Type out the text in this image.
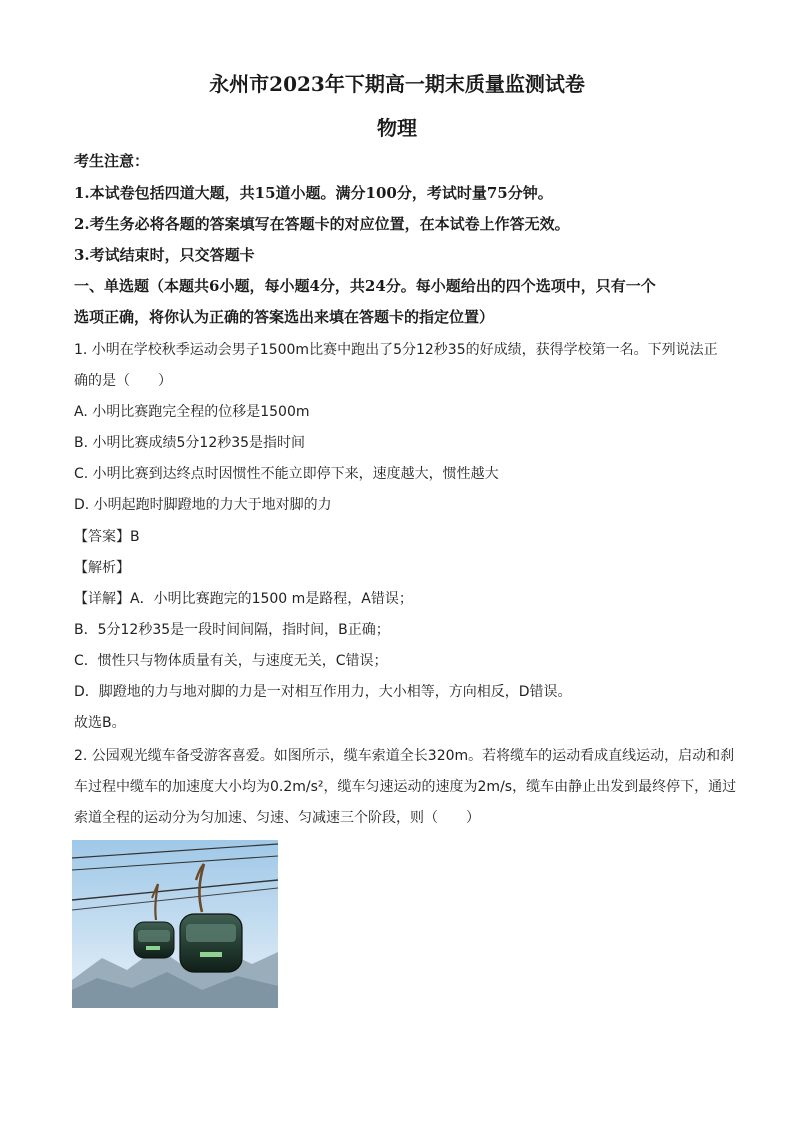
永州市2023年下期高一期末质量监测试卷
物理
考生注意：
1.本试卷包括四道大题，共15道小题。满分100分，考试时量75分钟。
2.考生务必将各题的答案填写在答题卡的对应位置，在本试卷上作答无效。
3.考试结束时，只交答题卡
一、单选题（本题共6小题，每小题4分，共24分。每小题给出的四个选项中，只有一个
选项正确，将你认为正确的答案选出来填在答题卡的指定位置）
1. 小明在学校秋季运动会男子1500m比赛中跑出了5分12秒35的好成绩，获得学校第一名。下列说法正
确的是（　　）
A. 小明比赛跑完全程的位移是1500m
B. 小明比赛成绩5分12秒35是指时间
C. 小明比赛到达终点时因惯性不能立即停下来，速度越大，惯性越大
D. 小明起跑时脚蹬地的力大于地对脚的力
【答案】B
【解析】
【详解】A．小明比赛跑完的1500 m是路程，A错误；
B．5分12秒35是一段时间间隔，指时间，B正确；
C．惯性只与物体质量有关，与速度无关，C错误；
D．脚蹬地的力与地对脚的力是一对相互作用力，大小相等，方向相反，D错误。
故选B。
2. 公园观光缆车备受游客喜爱。如图所示，缆车索道全长320m。若将缆车的运动看成直线运动，启动和刹
车过程中缆车的加速度大小均为0.2m/s²，缆车匀速运动的速度为2m/s，缆车由静止出发到最终停下，通过
索道全程的运动分为匀加速、匀速、匀减速三个阶段，则（　　）
